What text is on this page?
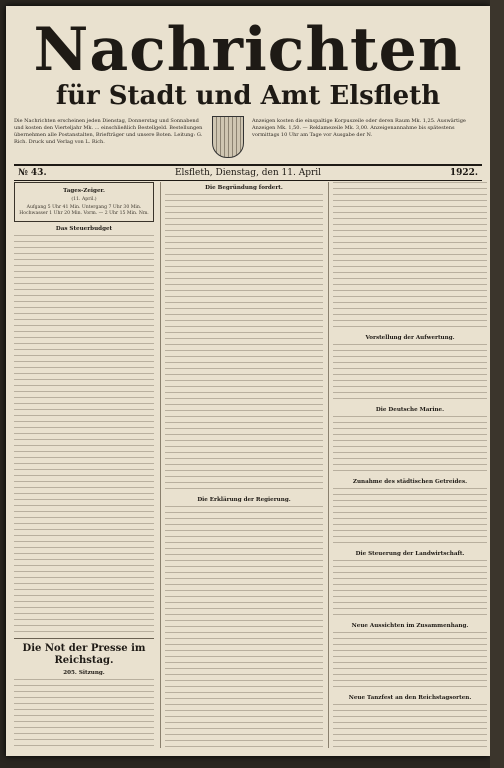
Nachrichten
für Stadt und Amt Elsfleth
Die Nachrichten erscheinen jeden Dienstag, Donnerstag und Sonnabend und kosten den Vierteljahr Mk. ... einschließlich Bestellgeld. Bestellungen übernehmen alle Postanstalten, Briefträger und unsere Boten. Leitung: G. Rich. Druck und Verlag von L. Rich.
Anzeigen kosten die einspaltige Korpuszeile oder deren Raum Mk. 1,25. Auswärtige Anzeigen Mk. 1,50. — Reklamezeile Mk. 3,00. Anzeigenannahme bis spätestens vormittags 10 Uhr am Tage vor Ausgabe der N.
№ 43.	Elsfleth, Dienstag, den 11. April	1922.
Tages-Zeiger.
(11. April.)
Aufgang 5 Uhr 41 Min. Untergang 7 Uhr 30 Min. Hochwasser 1 Uhr 20 Min. Vorm. — 2 Uhr 15 Min. Nm.
Das Steuerbudget
Die Not der Presse im Reichstag.
205. Sitzung.
Die Begründung fordert.
Die Erklärung der Regierung.
Vorstellung der Aufwertung.
Die Deutsche Marine.
Zunahme des städtischen Getreides.
Die Steuerung der Landwirtschaft.
Neue Aussichten im Zusammenhang.
Neue Tanzfest an den Reichstagsorten.
